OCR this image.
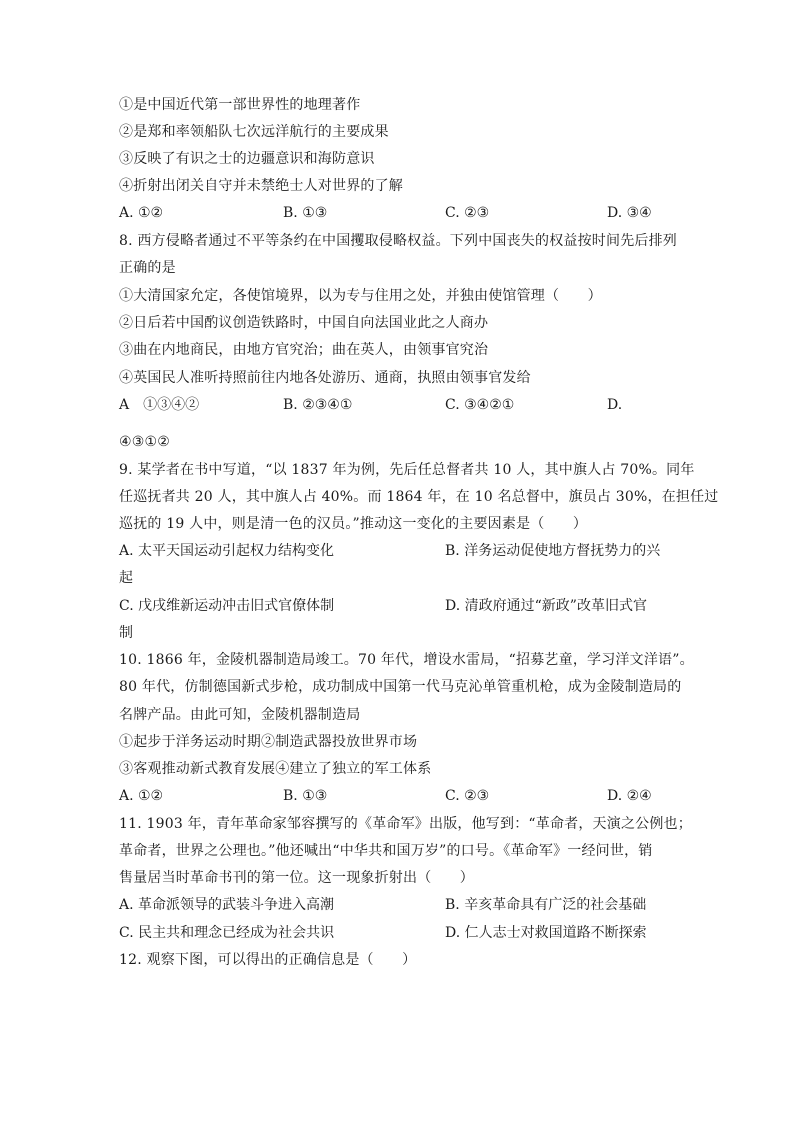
①是中国近代第一部世界性的地理著作
②是郑和率领船队七次远洋航行的主要成果
③反映了有识之士的边疆意识和海防意识
④折射出闭关自守并未禁绝士人对世界的了解
A. ①②	B. ①③	C. ②③	D. ③④
8. 西方侵略者通过不平等条约在中国攫取侵略权益。下列中国丧失的权益按时间先后排列
正确的是
①大清国家允定，各使馆境界，以为专与住用之处，并独由使馆管理（　　）
②日后若中国酌议创造铁路时，中国自向法国业此之人商办
③曲在内地商民，由地方官究治；曲在英人，由领事官究治
④英国民人准听持照前往内地各处游历、通商，执照由领事官发给
A　①③④②	B. ②③④①	C. ③④②①	D.
④③①②
9. 某学者在书中写道，“以 1837 年为例，先后任总督者共 10 人，其中旗人占 70%。同年
任巡抚者共 20 人，其中旗人占 40%。而 1864 年，在 10 名总督中，旗员占 30%，在担任过
巡抚的 19 人中，则是清一色的汉员。”推动这一变化的主要因素是（　　）
A. 太平天国运动引起权力结构变化	B. 洋务运动促使地方督抚势力的兴
起
C. 戊戌维新运动冲击旧式官僚体制	D. 清政府通过“新政”改革旧式官
制
10. 1866 年，金陵机器制造局竣工。70 年代，增设水雷局，“招募艺童，学习洋文洋语”。
80 年代，仿制德国新式步枪，成功制成中国第一代马克沁单管重机枪，成为金陵制造局的
名牌产品。由此可知，金陵机器制造局
①起步于洋务运动时期②制造武器投放世界市场
③客观推动新式教育发展④建立了独立的军工体系
A. ①②	B. ①③	C. ②③	D. ②④
11. 1903 年，青年革命家邹容撰写的《革命军》出版，他写到：“革命者，天演之公例也；
革命者，世界之公理也。”他还喊出“中华共和国万岁”的口号。《革命军》一经问世，销
售量居当时革命书刊的第一位。这一现象折射出（　　）
A. 革命派领导的武装斗争进入高潮	B. 辛亥革命具有广泛的社会基础
C. 民主共和理念已经成为社会共识	D. 仁人志士对救国道路不断探索
12. 观察下图，可以得出的正确信息是（　　）
